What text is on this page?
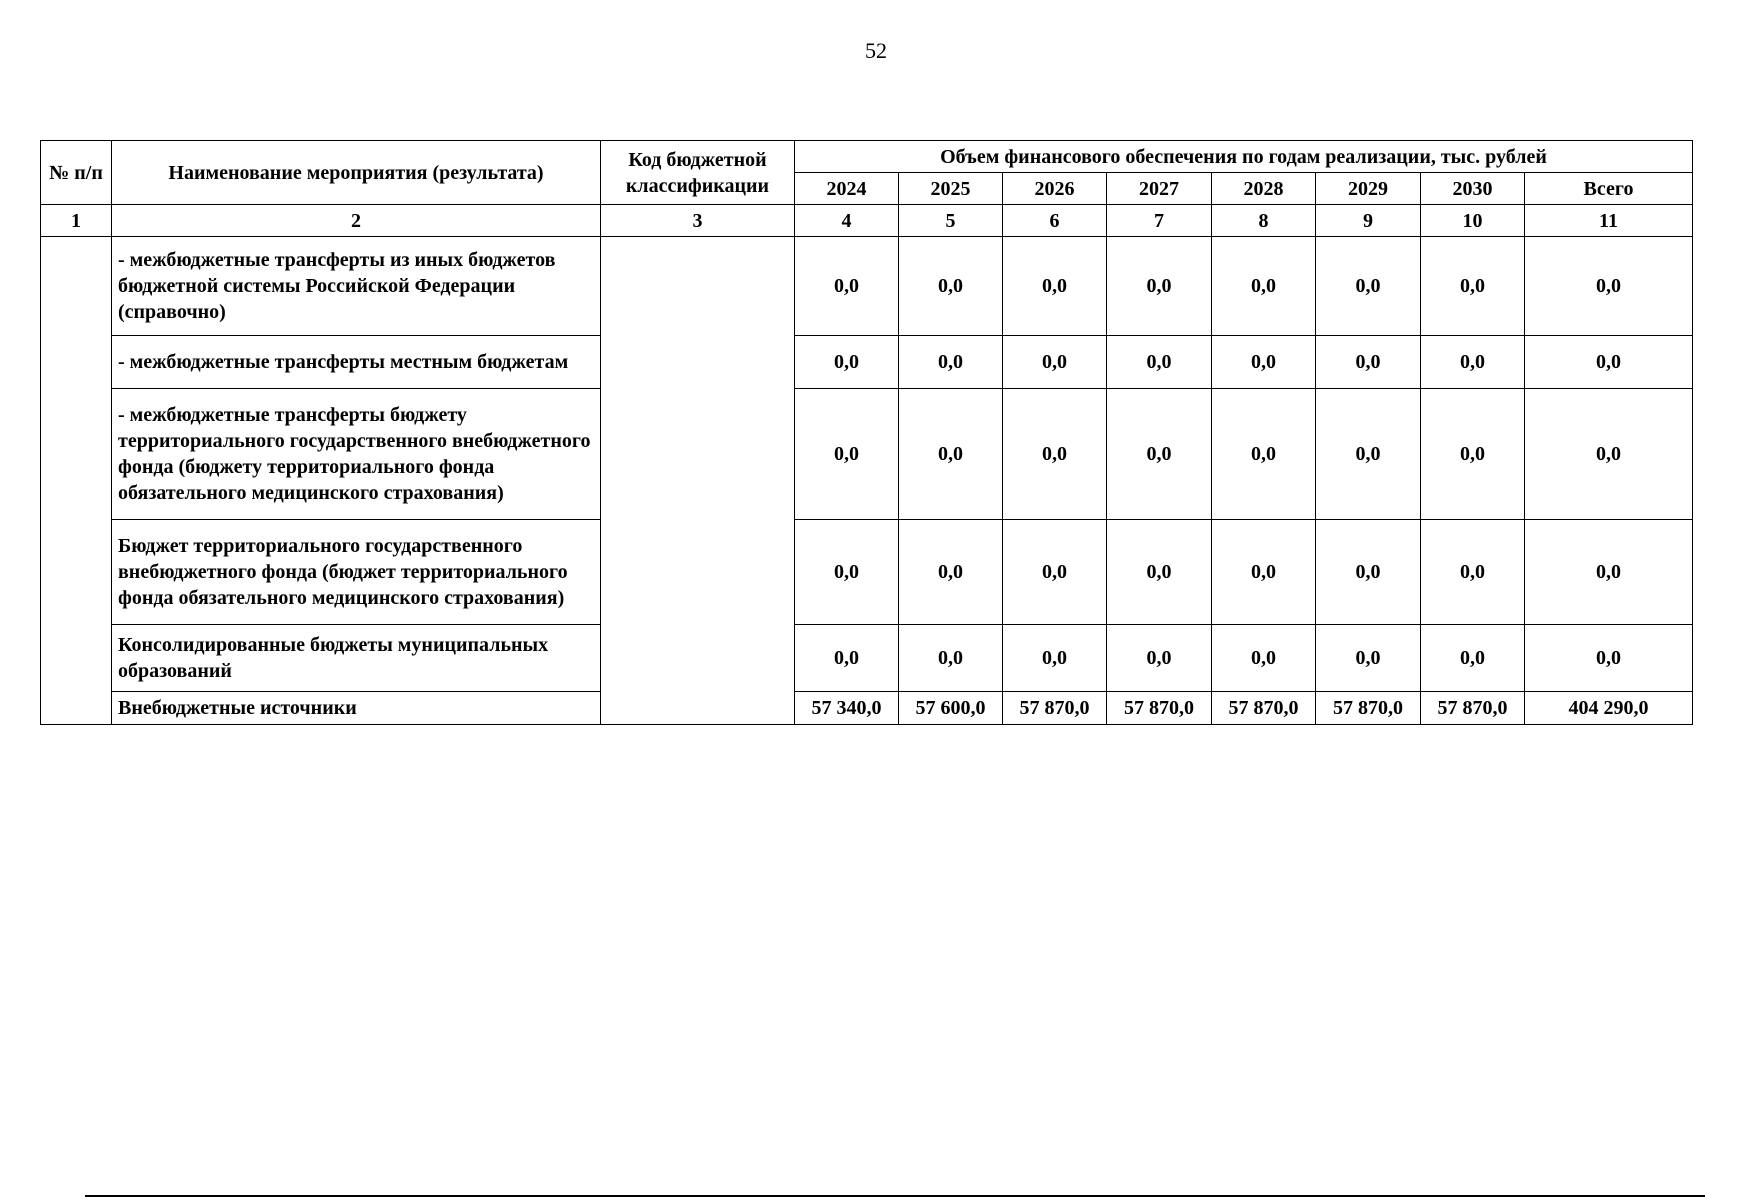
52
№ п/п	Наименование мероприятия (результата)	Код бюджетной классификации	Объем финансового обеспечения по годам реализации, тыс. рублей							
			2024	2025	2026	2027	2028	2029	2030	Всего
1	2	3	4	5	6	7	8	9	10	11
	- межбюджетные трансферты из иных бюджетов бюджетной системы Российской Федерации (справочно)		0,0	0,0	0,0	0,0	0,0	0,0	0,0	0,0
	- межбюджетные трансферты местным бюджетам		0,0	0,0	0,0	0,0	0,0	0,0	0,0	0,0
	- межбюджетные трансферты бюджету территориального государственного внебюджетного фонда (бюджету территориального фонда обязательного медицинского страхования)		0,0	0,0	0,0	0,0	0,0	0,0	0,0	0,0
	Бюджет территориального государственного внебюджетного фонда (бюджет территориального фонда обязательного медицинского страхования)		0,0	0,0	0,0	0,0	0,0	0,0	0,0	0,0
	Консолидированные бюджеты муниципальных образований		0,0	0,0	0,0	0,0	0,0	0,0	0,0	0,0
	Внебюджетные источники		57 340,0	57 600,0	57 870,0	57 870,0	57 870,0	57 870,0	57 870,0	404 290,0
